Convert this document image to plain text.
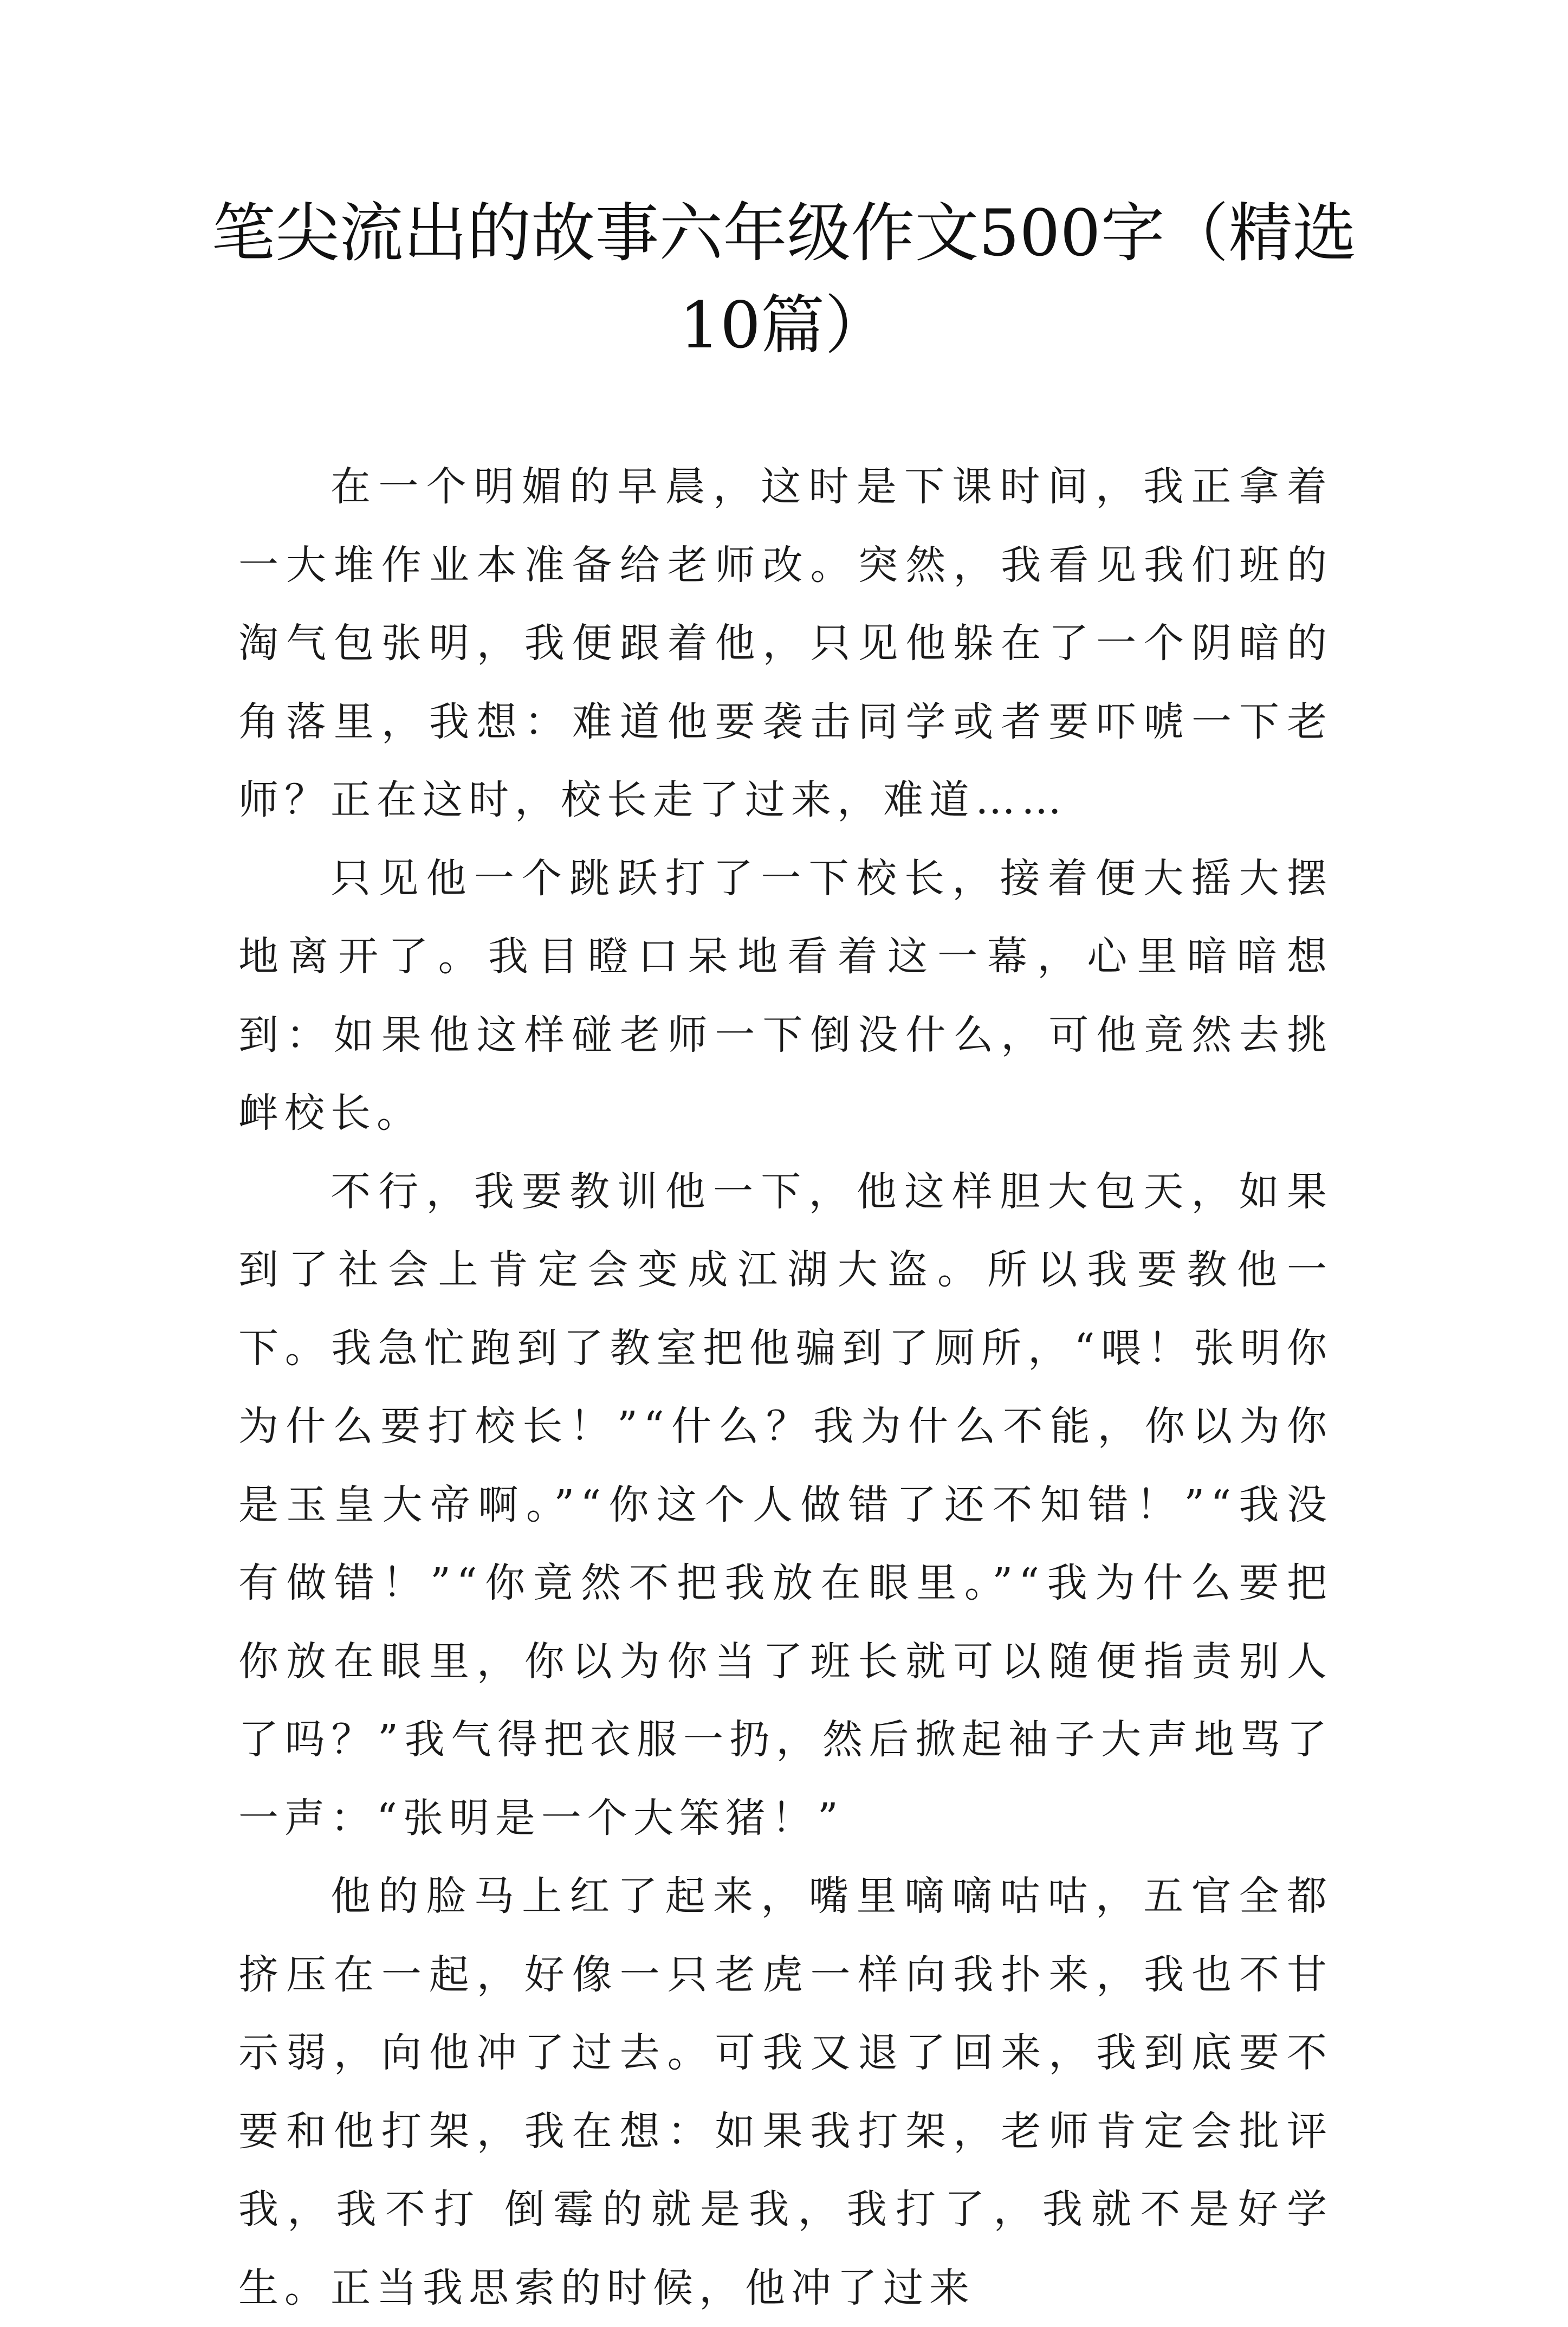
笔尖流出的故事六年级作文500字（精选10篇）

在一个明媚的早晨，这时是下课时间，我正拿着一大堆作业本准备给老师改。突然，我看见我们班的淘气包张明，我便跟着他，只见他躲在了一个阴暗的角落里，我想：难道他要袭击同学或者要吓唬一下老师？正在这时，校长走了过来，难道……

只见他一个跳跃打了一下校长，接着便大摇大摆地离开了。我目瞪口呆地看着这一幕，心里暗暗想到：如果他这样碰老师一下倒没什么，可他竟然去挑衅校长。

不行，我要教训他一下，他这样胆大包天，如果到了社会上肯定会变成江湖大盗。所以我要教他一下。我急忙跑到了教室把他骗到了厕所，“喂！张明你为什么要打校长！”“什么？我为什么不能，你以为你是玉皇大帝啊。”“你这个人做错了还不知错！”“我没有做错！”“你竟然不把我放在眼里。”“我为什么要把你放在眼里，你以为你当了班长就可以随便指责别人了吗？”我气得把衣服一扔，然后掀起袖子大声地骂了一声：“张明是一个大笨猪！”

他的脸马上红了起来，嘴里嘀嘀咕咕，五官全都挤压在一起，好像一只老虎一样向我扑来，我也不甘示弱，向他冲了过去。可我又退了回来，我到底要不要和他打架，我在想：如果我打架，老师肯定会批评我，我不打 倒霉的就是我，我打了，我就不是好学生。正当我思索的时候，他冲了过来
